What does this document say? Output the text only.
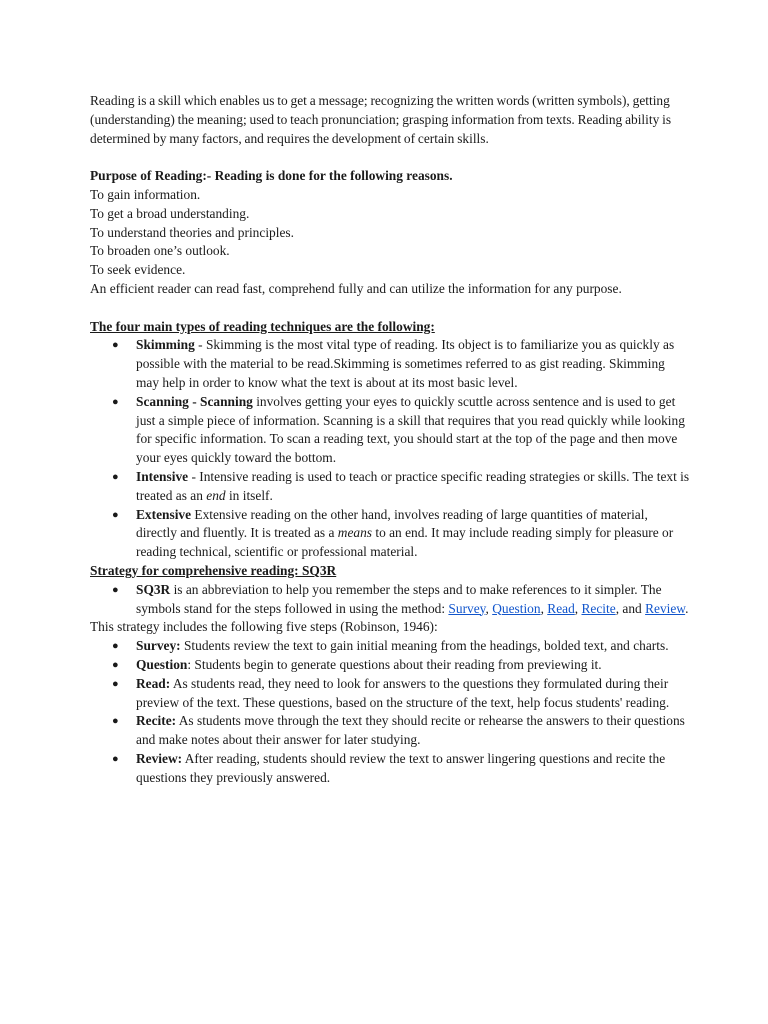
Reading is a skill which enables us to get a message; recognizing the written words (written symbols), getting (understanding) the meaning; used to teach pronunciation; grasping information from texts. Reading ability is determined by many factors, and requires the development of certain skills.

Purpose of Reading:- Reading is done for the following reasons.

To gain information.

To get a broad understanding.

To understand theories and principles.

To broaden one’s outlook.

To seek evidence.

An efficient reader can read fast, comprehend fully and can utilize the information for any purpose.

The four main types of reading techniques are the following:

● Skimming - Skimming is the most vital type of reading. Its object is to familiarize you as quickly as possible with the material to be read.Skimming is sometimes referred to as gist reading. Skimming may help in order to know what the text is about at its most basic level.
● Scanning - Scanning involves getting your eyes to quickly scuttle across sentence and is used to get just a simple piece of information. Scanning is a skill that requires that you read quickly while looking for specific information. To scan a reading text, you should start at the top of the page and then move your eyes quickly toward the bottom.
● Intensive - Intensive reading is used to teach or practice specific reading strategies or skills. The text is treated as an end in itself.
● Extensive Extensive reading on the other hand, involves reading of large quantities of material, directly and fluently. It is treated as a means to an end. It may include reading simply for pleasure or reading technical, scientific or professional material.

Strategy for comprehensive reading: SQ3R

● SQ3R is an abbreviation to help you remember the steps and to make references to it simpler. The symbols stand for the steps followed in using the method: Survey, Question, Read, Recite, and Review.

This strategy includes the following five steps (Robinson, 1946):

● Survey: Students review the text to gain initial meaning from the headings, bolded text, and charts.
● Question: Students begin to generate questions about their reading from previewing it.
● Read: As students read, they need to look for answers to the questions they formulated during their preview of the text. These questions, based on the structure of the text, help focus students' reading.
● Recite: As students move through the text they should recite or rehearse the answers to their questions and make notes about their answer for later studying.
● Review: After reading, students should review the text to answer lingering questions and recite the questions they previously answered.
